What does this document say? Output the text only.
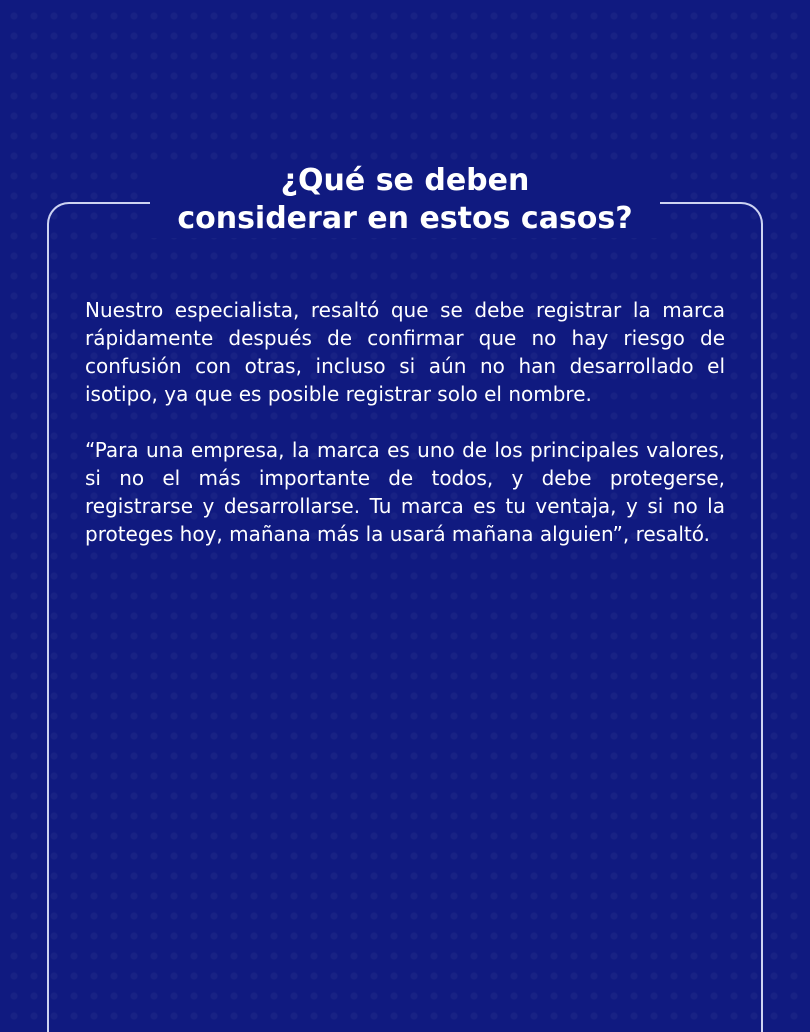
¿Qué se deben
considerar en estos casos?

Nuestro especialista, resaltó que se debe registrar la marca rápidamente después de confirmar que no hay riesgo de confusión con otras, incluso si aún no han desarrollado el isotipo, ya que es posible registrar solo el nombre.

“Para una empresa, la marca es uno de los principales valores, si no el más importante de todos, y debe protegerse, registrarse y desarrollarse. Tu marca es tu ventaja, y si no la proteges hoy, mañana más la usará mañana alguien”, resaltó.
